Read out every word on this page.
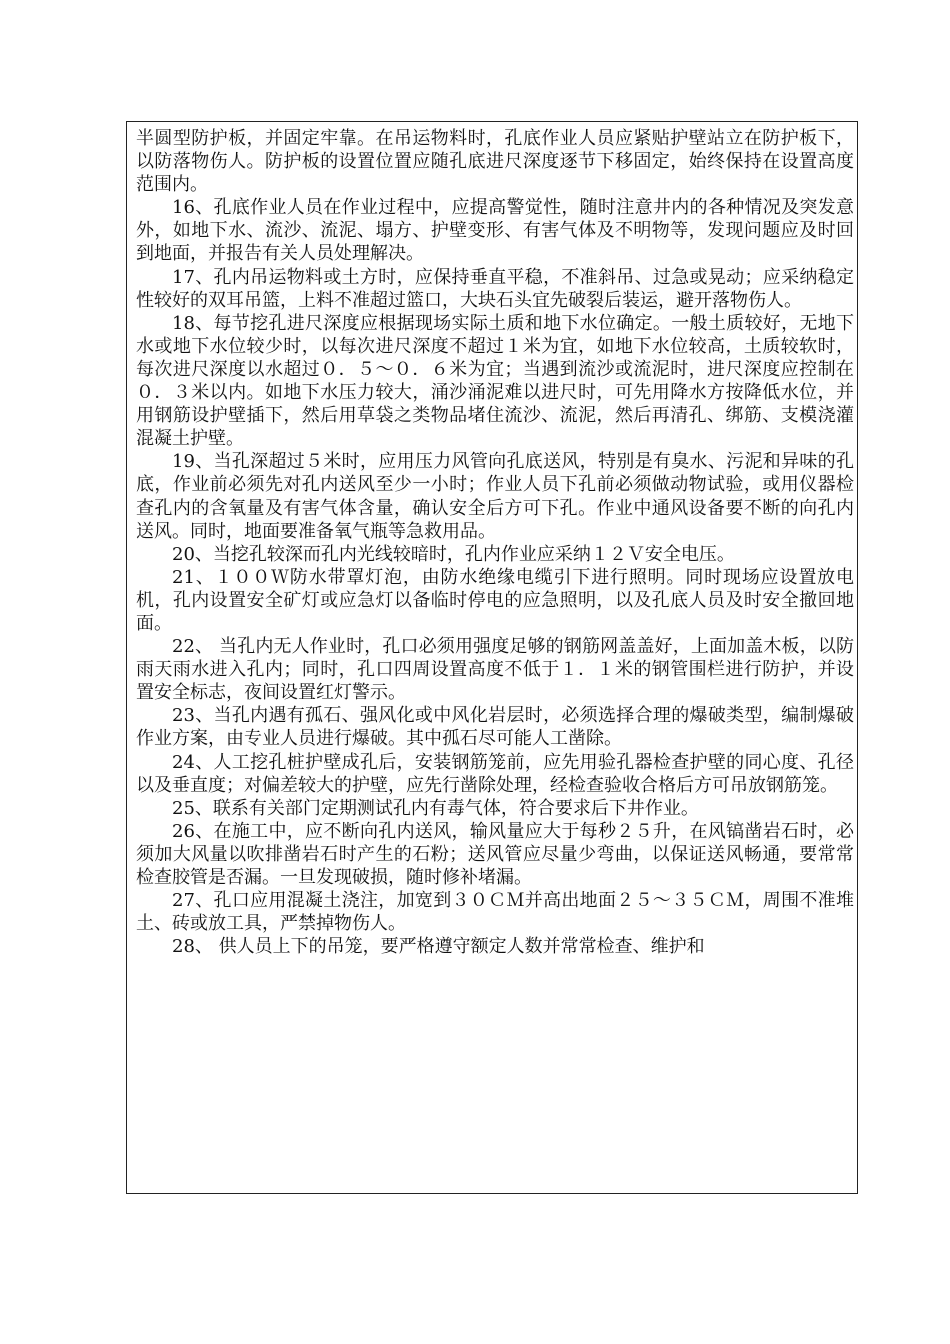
半圆型防护板，并固定牢靠。在吊运物料时，孔底作业人员应紧贴护壁站立在防护板下，以防落物伤人。防护板的设置位置应随孔底进尺深度逐节下移固定，始终保持在设置高度范围内。

16、孔底作业人员在作业过程中，应提高警觉性，随时注意井内的各种情况及突发意外，如地下水、流沙、流泥、塌方、护壁变形、有害气体及不明物等，发现问题应及时回到地面，并报告有关人员处理解决。

17、孔内吊运物料或土方时，应保持垂直平稳，不准斜吊、过急或晃动；应采纳稳定性较好的双耳吊篮，上料不准超过篮口，大块石头宜先破裂后装运，避开落物伤人。

18、每节挖孔进尺深度应根据现场实际土质和地下水位确定。一般土质较好，无地下水或地下水位较少时，以每次进尺深度不超过１米为宜，如地下水位较高，土质较软时，每次进尺深度以水超过０．５～０．６米为宜；当遇到流沙或流泥时，进尺深度应控制在０．３米以内。如地下水压力较大，涌沙涌泥难以进尺时，可先用降水方按降低水位，并用钢筋设护壁插下，然后用草袋之类物品堵住流沙、流泥，然后再清孔、绑筋、支模浇灌混凝土护壁。

19、当孔深超过５米时，应用压力风管向孔底送风，特别是有臭水、污泥和异味的孔底，作业前必须先对孔内送风至少一小时；作业人员下孔前必须做动物试验，或用仪器检查孔内的含氧量及有害气体含量，确认安全后方可下孔。作业中通风设备要不断的向孔内送风。同时，地面要准备氧气瓶等急救用品。

20、当挖孔较深而孔内光线较暗时，孔内作业应采纳１２Ｖ安全电压。

21、１００Ｗ防水带罩灯泡，由防水绝缘电缆引下进行照明。同时现场应设置放电机，孔内设置安全矿灯或应急灯以备临时停电的应急照明，以及孔底人员及时安全撤回地面。

22、 当孔内无人作业时，孔口必须用强度足够的钢筋网盖盖好，上面加盖木板，以防雨天雨水进入孔内；同时，孔口四周设置高度不低于１．１米的钢管围栏进行防护，并设置安全标志，夜间设置红灯警示。

23、当孔内遇有孤石、强风化或中风化岩层时，必须选择合理的爆破类型，编制爆破作业方案，由专业人员进行爆破。其中孤石尽可能人工凿除。

24、人工挖孔桩护壁成孔后，安装钢筋笼前，应先用验孔器检查护壁的同心度、孔径以及垂直度；对偏差较大的护壁，应先行凿除处理，经检查验收合格后方可吊放钢筋笼。

25、联系有关部门定期测试孔内有毒气体，符合要求后下井作业。

26、在施工中，应不断向孔内送风，输风量应大于每秒２５升，在风镐凿岩石时，必须加大风量以吹排凿岩石时产生的石粉；送风管应尽量少弯曲，以保证送风畅通，要常常检查胶管是否漏。一旦发现破损，随时修补堵漏。

27、孔口应用混凝土浇注，加宽到３０ＣＭ并高出地面２５～３５ＣＭ，周围不准堆土、砖或放工具，严禁掉物伤人。

28、 供人员上下的吊笼，要严格遵守额定人数并常常检查、维护和
